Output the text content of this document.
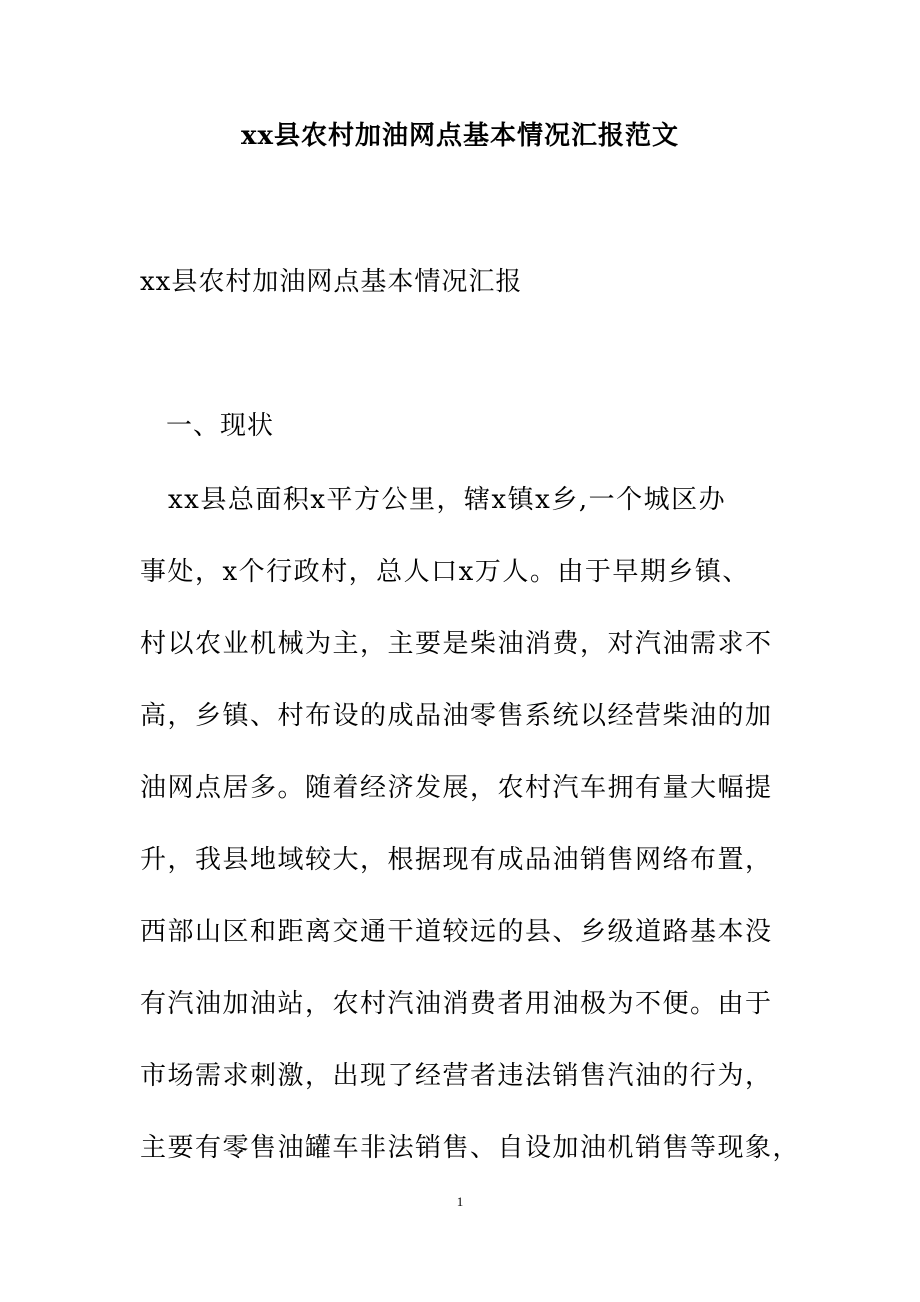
xx县农村加油网点基本情况汇报范文

xx县农村加油网点基本情况汇报

一、现状

xx县总面积x平方公里，辖x镇x乡,一个城区办
事处，x个行政村，总人口x万人。由于早期乡镇、
村以农业机械为主，主要是柴油消费，对汽油需求不
高，乡镇、村布设的成品油零售系统以经营柴油的加
油网点居多。随着经济发展，农村汽车拥有量大幅提
升，我县地域较大，根据现有成品油销售网络布置，
西部山区和距离交通干道较远的县、乡级道路基本没
有汽油加油站，农村汽油消费者用油极为不便。由于
市场需求刺激，出现了经营者违法销售汽油的行为，
主要有零售油罐车非法销售、自设加油机销售等现象，
1
